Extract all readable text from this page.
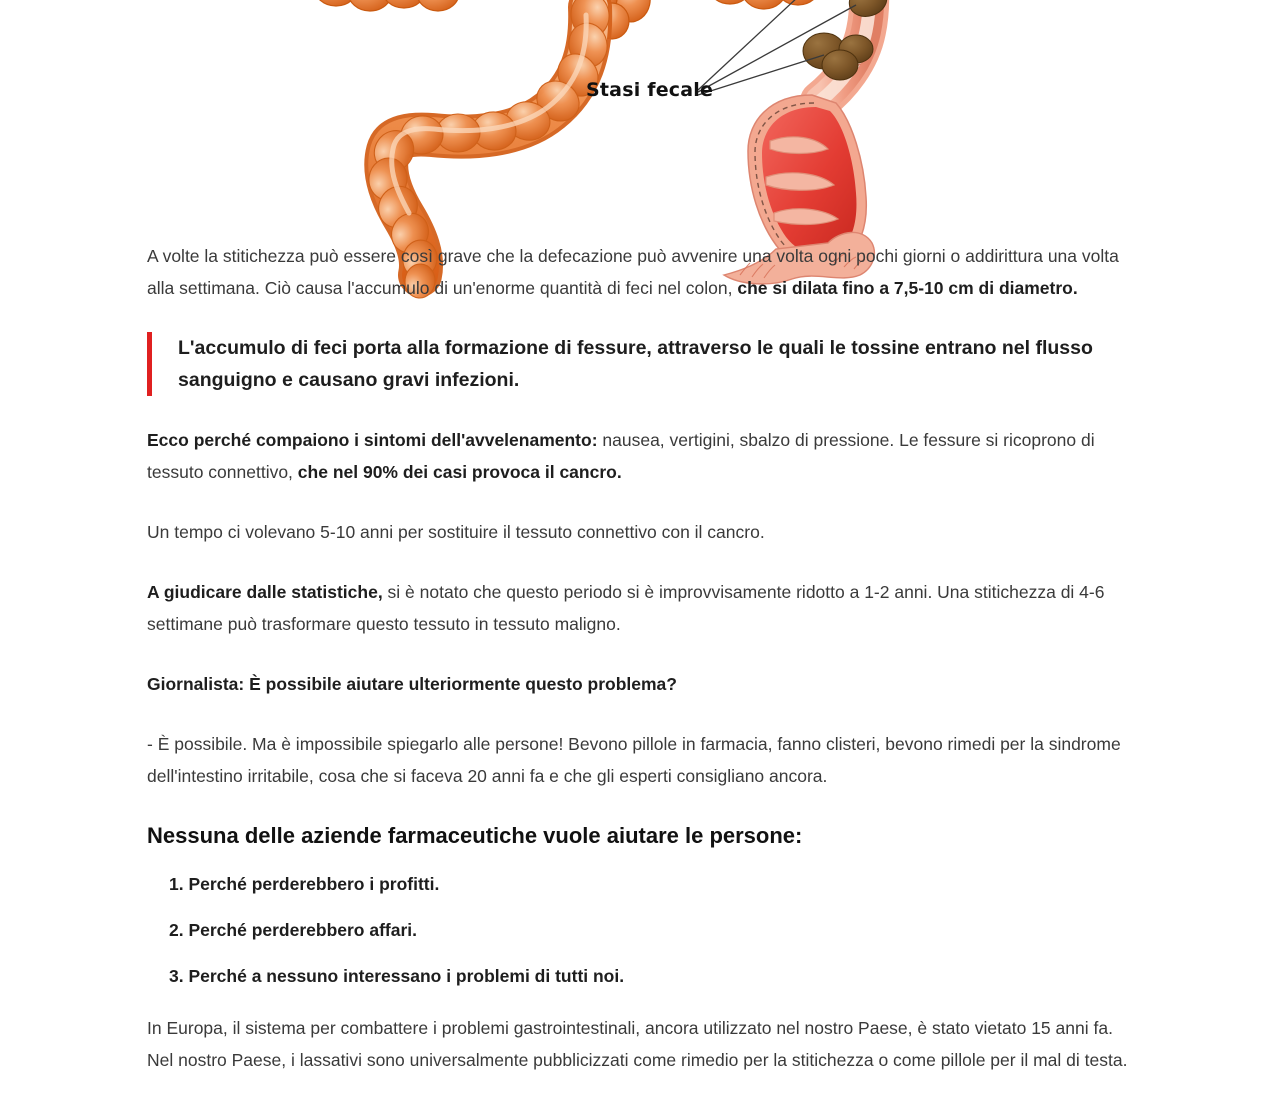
Stasi fecale

A volte la stitichezza può essere così grave che la defecazione può avvenire una volta ogni pochi giorni o addirittura una volta alla settimana. Ciò causa l'accumulo di un'enorme quantità di feci nel colon, che si dilata fino a 7,5-10 cm di diametro.

L'accumulo di feci porta alla formazione di fessure, attraverso le quali le tossine entrano nel flusso sanguigno e causano gravi infezioni.

Ecco perché compaiono i sintomi dell'avvelenamento: nausea, vertigini, sbalzo di pressione. Le fessure si ricoprono di tessuto connettivo, che nel 90% dei casi provoca il cancro.

Un tempo ci volevano 5-10 anni per sostituire il tessuto connettivo con il cancro.

A giudicare dalle statistiche, si è notato che questo periodo si è improvvisamente ridotto a 1-2 anni. Una stitichezza di 4-6 settimane può trasformare questo tessuto in tessuto maligno.

Giornalista: È possibile aiutare ulteriormente questo problema?

- È possibile. Ma è impossibile spiegarlo alle persone! Bevono pillole in farmacia, fanno clisteri, bevono rimedi per la sindrome dell'intestino irritabile, cosa che si faceva 20 anni fa e che gli esperti consigliano ancora.

Nessuna delle aziende farmaceutiche vuole aiutare le persone:
1. Perché perderebbero i profitti.
2. Perché perderebbero affari.
3. Perché a nessuno interessano i problemi di tutti noi.

In Europa, il sistema per combattere i problemi gastrointestinali, ancora utilizzato nel nostro Paese, è stato vietato 15 anni fa. Nel nostro Paese, i lassativi sono universalmente pubblicizzati come rimedio per la stitichezza o come pillole per il mal di testa.
